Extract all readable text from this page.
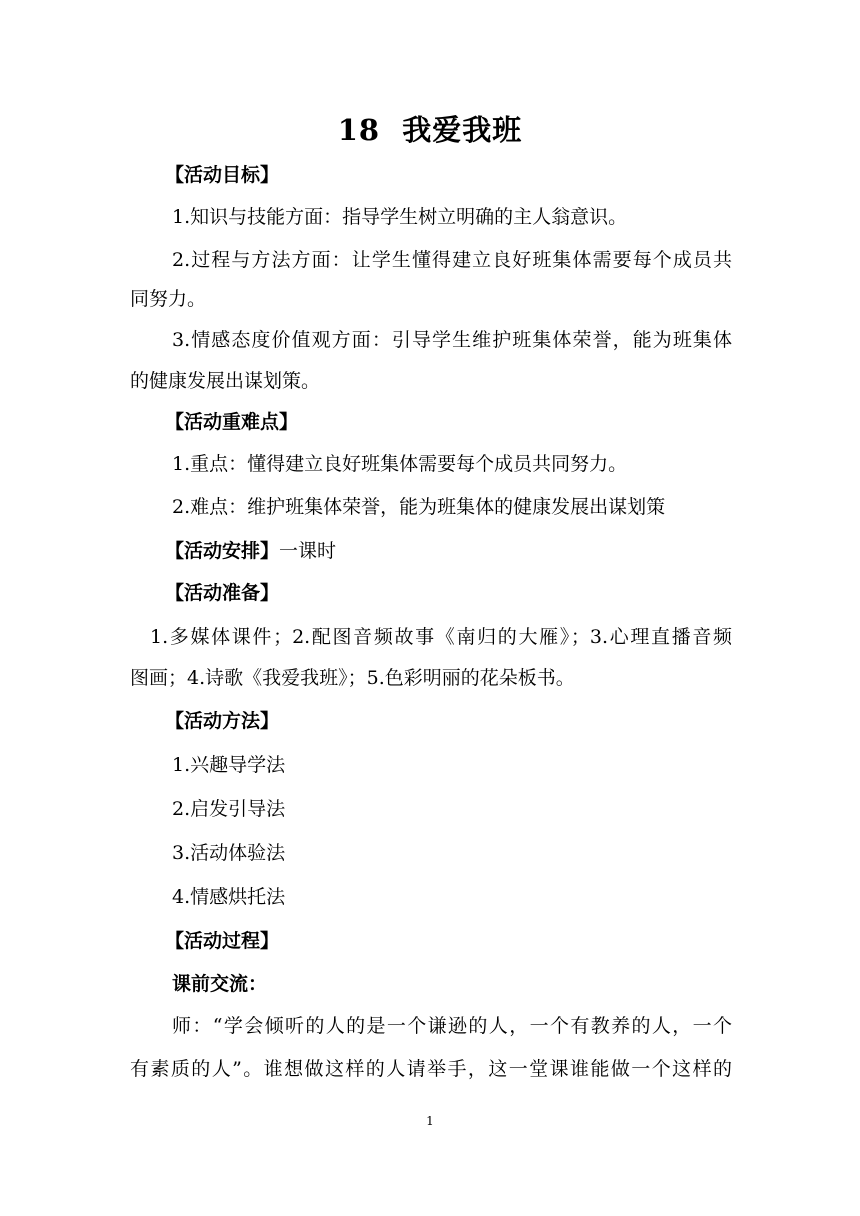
18  我爱我班
【活动目标】
1.知识与技能方面：指导学生树立明确的主人翁意识。
2.过程与方法方面：让学生懂得建立良好班集体需要每个成员共
同努力。
3.情感态度价值观方面：引导学生维护班集体荣誉，能为班集体
的健康发展出谋划策。
【活动重难点】
1.重点：懂得建立良好班集体需要每个成员共同努力。
2.难点：维护班集体荣誉，能为班集体的健康发展出谋划策
【活动安排】一课时
【活动准备】
1.多媒体课件；2.配图音频故事《南归的大雁》；3.心理直播音频
图画；4.诗歌《我爱我班》；5.色彩明丽的花朵板书。
【活动方法】
1.兴趣导学法
2.启发引导法
3.活动体验法
4.情感烘托法
【活动过程】
课前交流：
师：“学会倾听的人的是一个谦逊的人，一个有教养的人，一个
有素质的人”。谁想做这样的人请举手，这一堂课谁能做一个这样的
1
